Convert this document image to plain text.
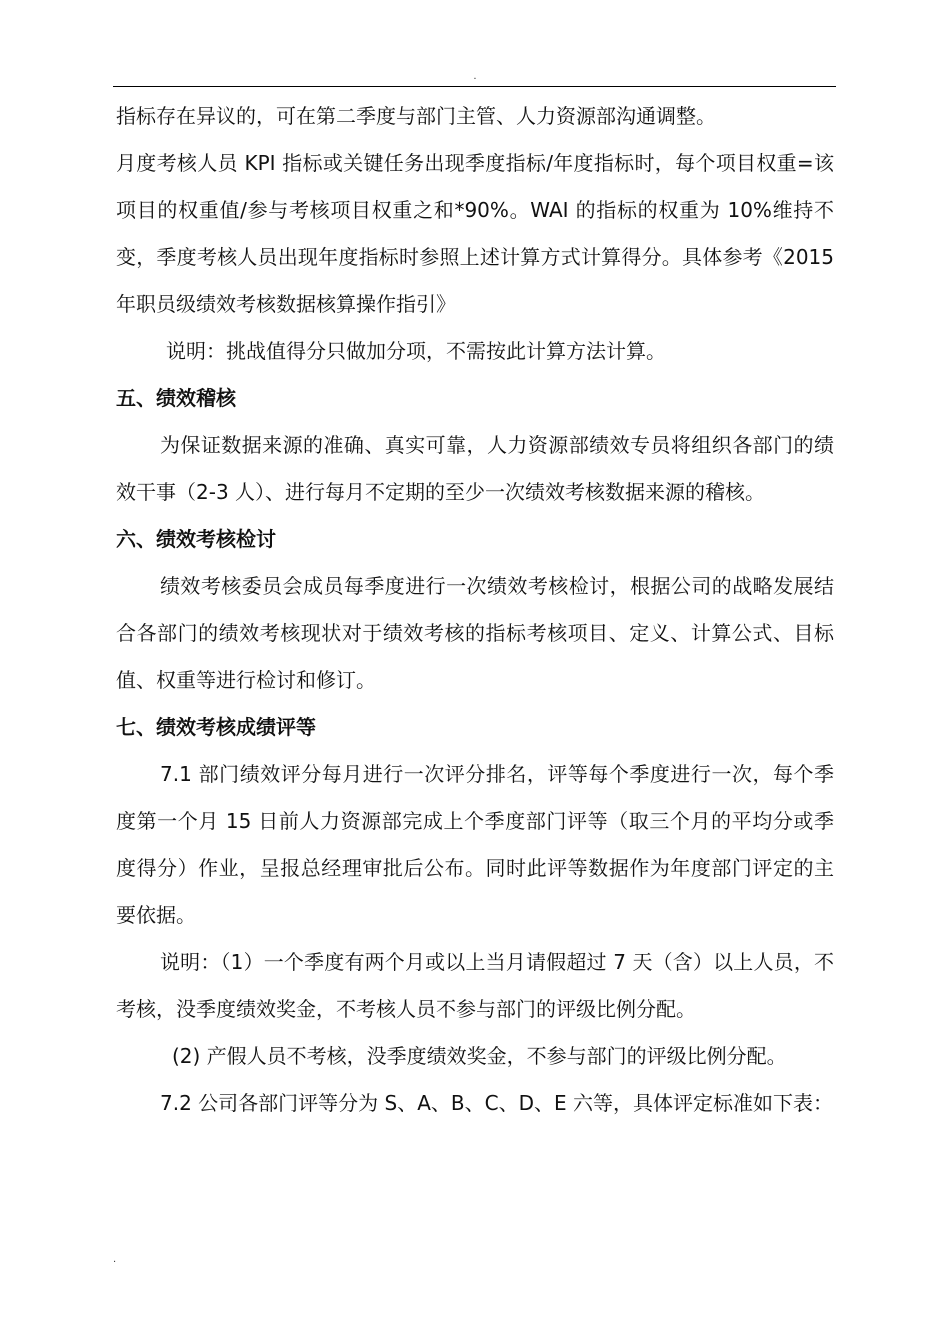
.

指标存在异议的，可在第二季度与部门主管、人力资源部沟通调整。

月度考核人员 KPI 指标或关键任务出现季度指标/年度指标时，每个项目权重=该项目的权重值/参与考核项目权重之和*90%。WAI 的指标的权重为 10%维持不变，季度考核人员出现年度指标时参照上述计算方式计算得分。具体参考《2015 年职员级绩效考核数据核算操作指引》

说明：挑战值得分只做加分项，不需按此计算方法计算。

五、绩效稽核

为保证数据来源的准确、真实可靠，人力资源部绩效专员将组织各部门的绩效干事（2-3 人）、进行每月不定期的至少一次绩效考核数据来源的稽核。

六、绩效考核检讨

绩效考核委员会成员每季度进行一次绩效考核检讨，根据公司的战略发展结合各部门的绩效考核现状对于绩效考核的指标考核项目、定义、计算公式、目标值、权重等进行检讨和修订。

七、绩效考核成绩评等

7.1 部门绩效评分每月进行一次评分排名，评等每个季度进行一次，每个季度第一个月 15 日前人力资源部完成上个季度部门评等（取三个月的平均分或季度得分）作业，呈报总经理审批后公布。同时此评等数据作为年度部门评定的主要依据。

说明：（1）一个季度有两个月或以上当月请假超过 7 天（含）以上人员，不考核，没季度绩效奖金，不考核人员不参与部门的评级比例分配。

(2) 产假人员不考核，没季度绩效奖金，不参与部门的评级比例分配。

7.2 公司各部门评等分为 S、A、B、C、D、E 六等，具体评定标准如下表：

.
